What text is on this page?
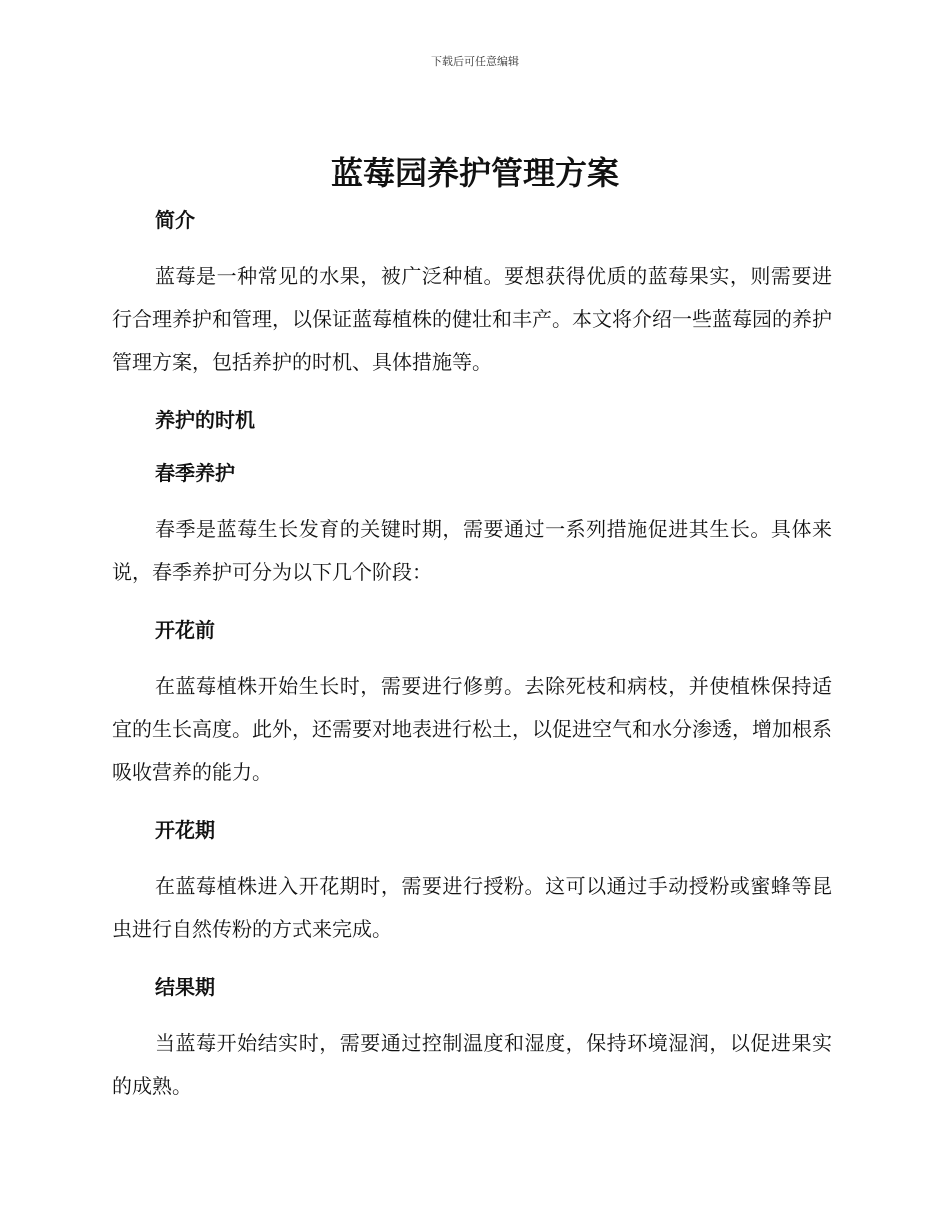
下载后可任意编辑
蓝莓园养护管理方案
简介

蓝莓是一种常见的水果，被广泛种植。要想获得优质的蓝莓果实，则需要进行合理养护和管理，以保证蓝莓植株的健壮和丰产。本文将介绍一些蓝莓园的养护管理方案，包括养护的时机、具体措施等。

养护的时机
春季养护

春季是蓝莓生长发育的关键时期，需要通过一系列措施促进其生长。具体来说，春季养护可分为以下几个阶段：

开花前

在蓝莓植株开始生长时，需要进行修剪。去除死枝和病枝，并使植株保持适宜的生长高度。此外，还需要对地表进行松土，以促进空气和水分渗透，增加根系吸收营养的能力。

开花期

在蓝莓植株进入开花期时，需要进行授粉。这可以通过手动授粉或蜜蜂等昆虫进行自然传粉的方式来完成。

结果期

当蓝莓开始结实时，需要通过控制温度和湿度，保持环境湿润，以促进果实的成熟。
